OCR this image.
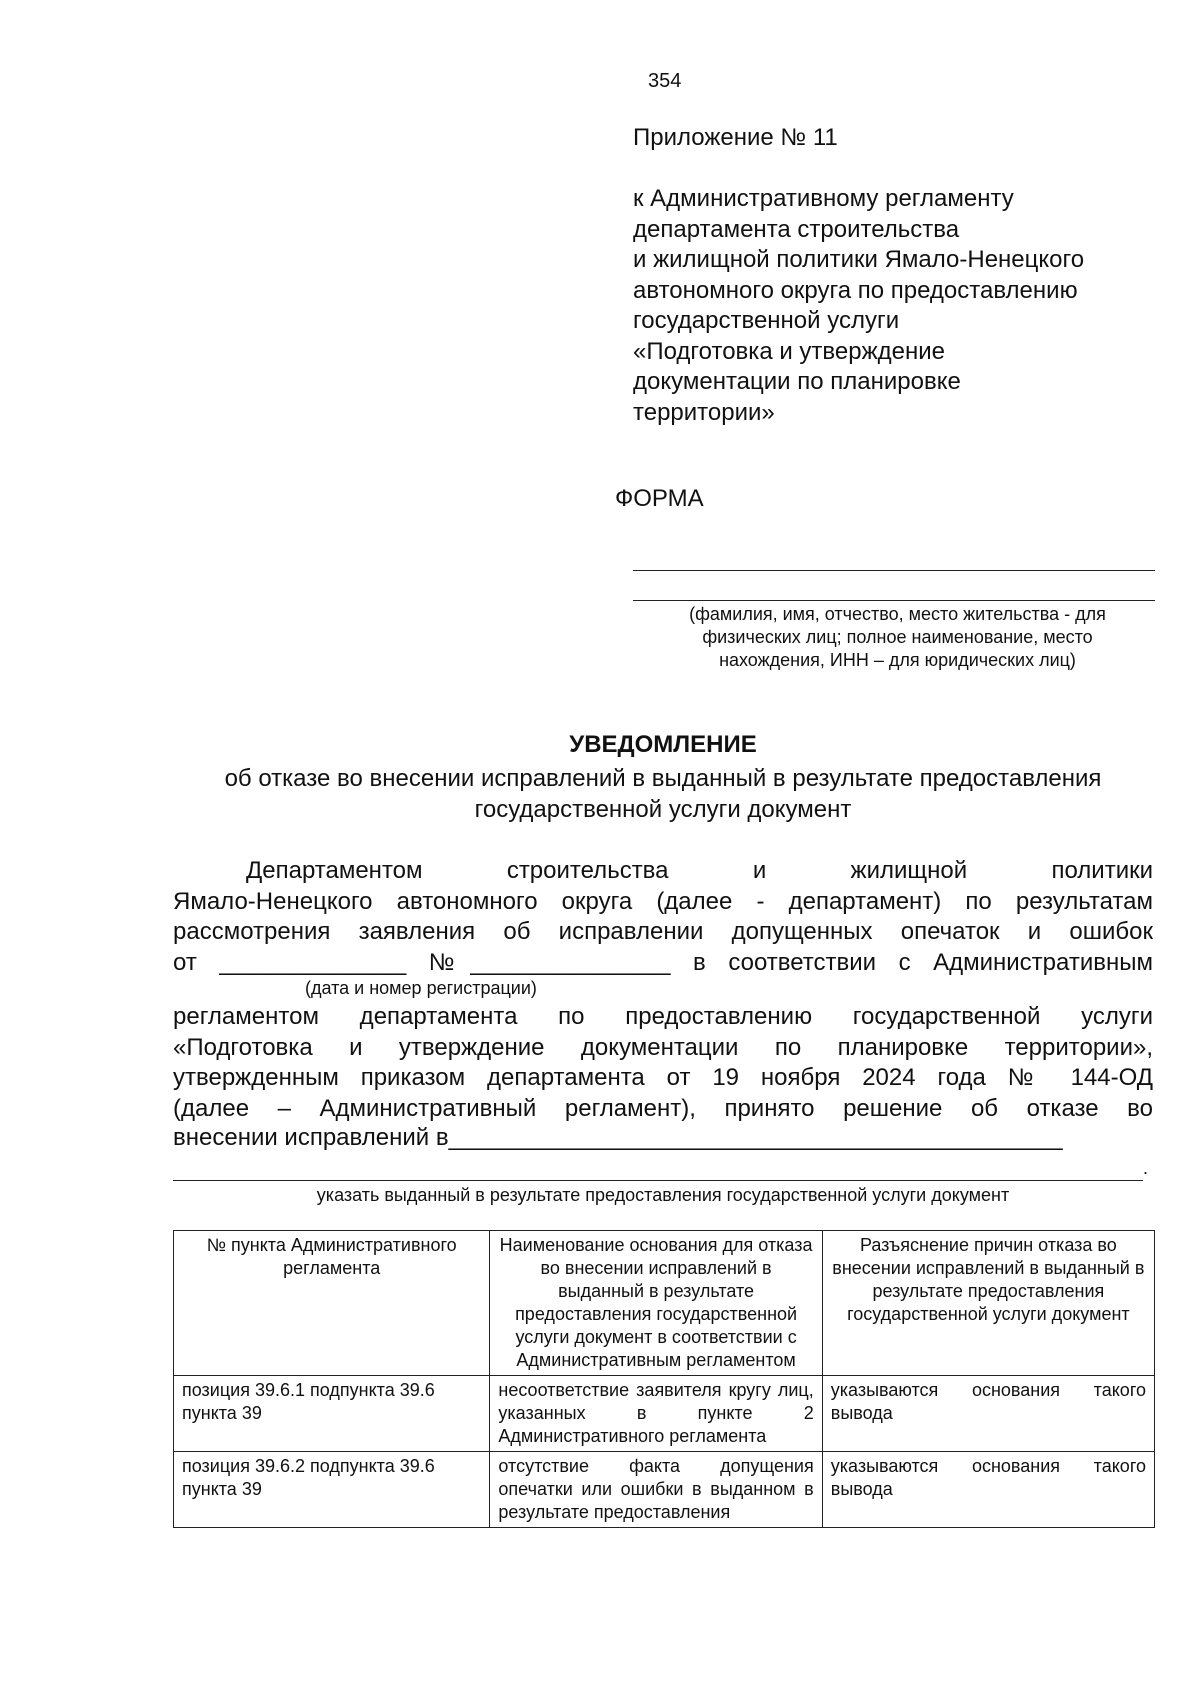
354
Приложение № 11
к Административному регламенту
департамента строительства
и жилищной политики Ямало-Ненецкого
автономного округа по предоставлению
государственной услуги
«Подготовка и утверждение
документации по планировке
территории»
ФОРМА
(фамилия, имя, отчество, место жительства - для
физических лиц; полное наименование, место
нахождения, ИНН – для юридических лиц)
УВЕДОМЛЕНИЕ
об отказе во внесении исправлений в выданный в результате предоставления
государственной услуги документ
Департаментом строительства и жилищной политики
Ямало-Ненецкого автономного округа (далее - департамент) по результатам
рассмотрения заявления об исправлении допущенных опечаток и ошибок
от ______________ №_______________ в соответствии с Административным
(дата и номер регистрации)
регламентом департамента по предоставлению государственной услуги
«Подготовка и утверждение документации по планировке территории»,
утвержденным приказом департамента от 19 ноября 2024 года № 144-ОД
(далее – Административный регламент), принято решение об отказе во
внесении исправлений в______________________________________________
.
указать выданный в результате предоставления государственной услуги документ
№ пункта Административного регламента	Наименование основания для отказа во внесении исправлений в выданный в результате предоставления государственной услуги документ в соответствии с Административным регламентом	Разъяснение причин отказа во внесении исправлений в выданный в результате предоставления государственной услуги документ
позиция 39.6.1 подпункта 39.6 пункта 39	несоответствие заявителя кругу лиц, указанных в пункте 2 Административного регламента	указываются основания такого вывода
позиция 39.6.2 подпункта 39.6 пункта 39	отсутствие факта допущения опечатки или ошибки в выданном в результате предоставления	указываются основания такого вывода
